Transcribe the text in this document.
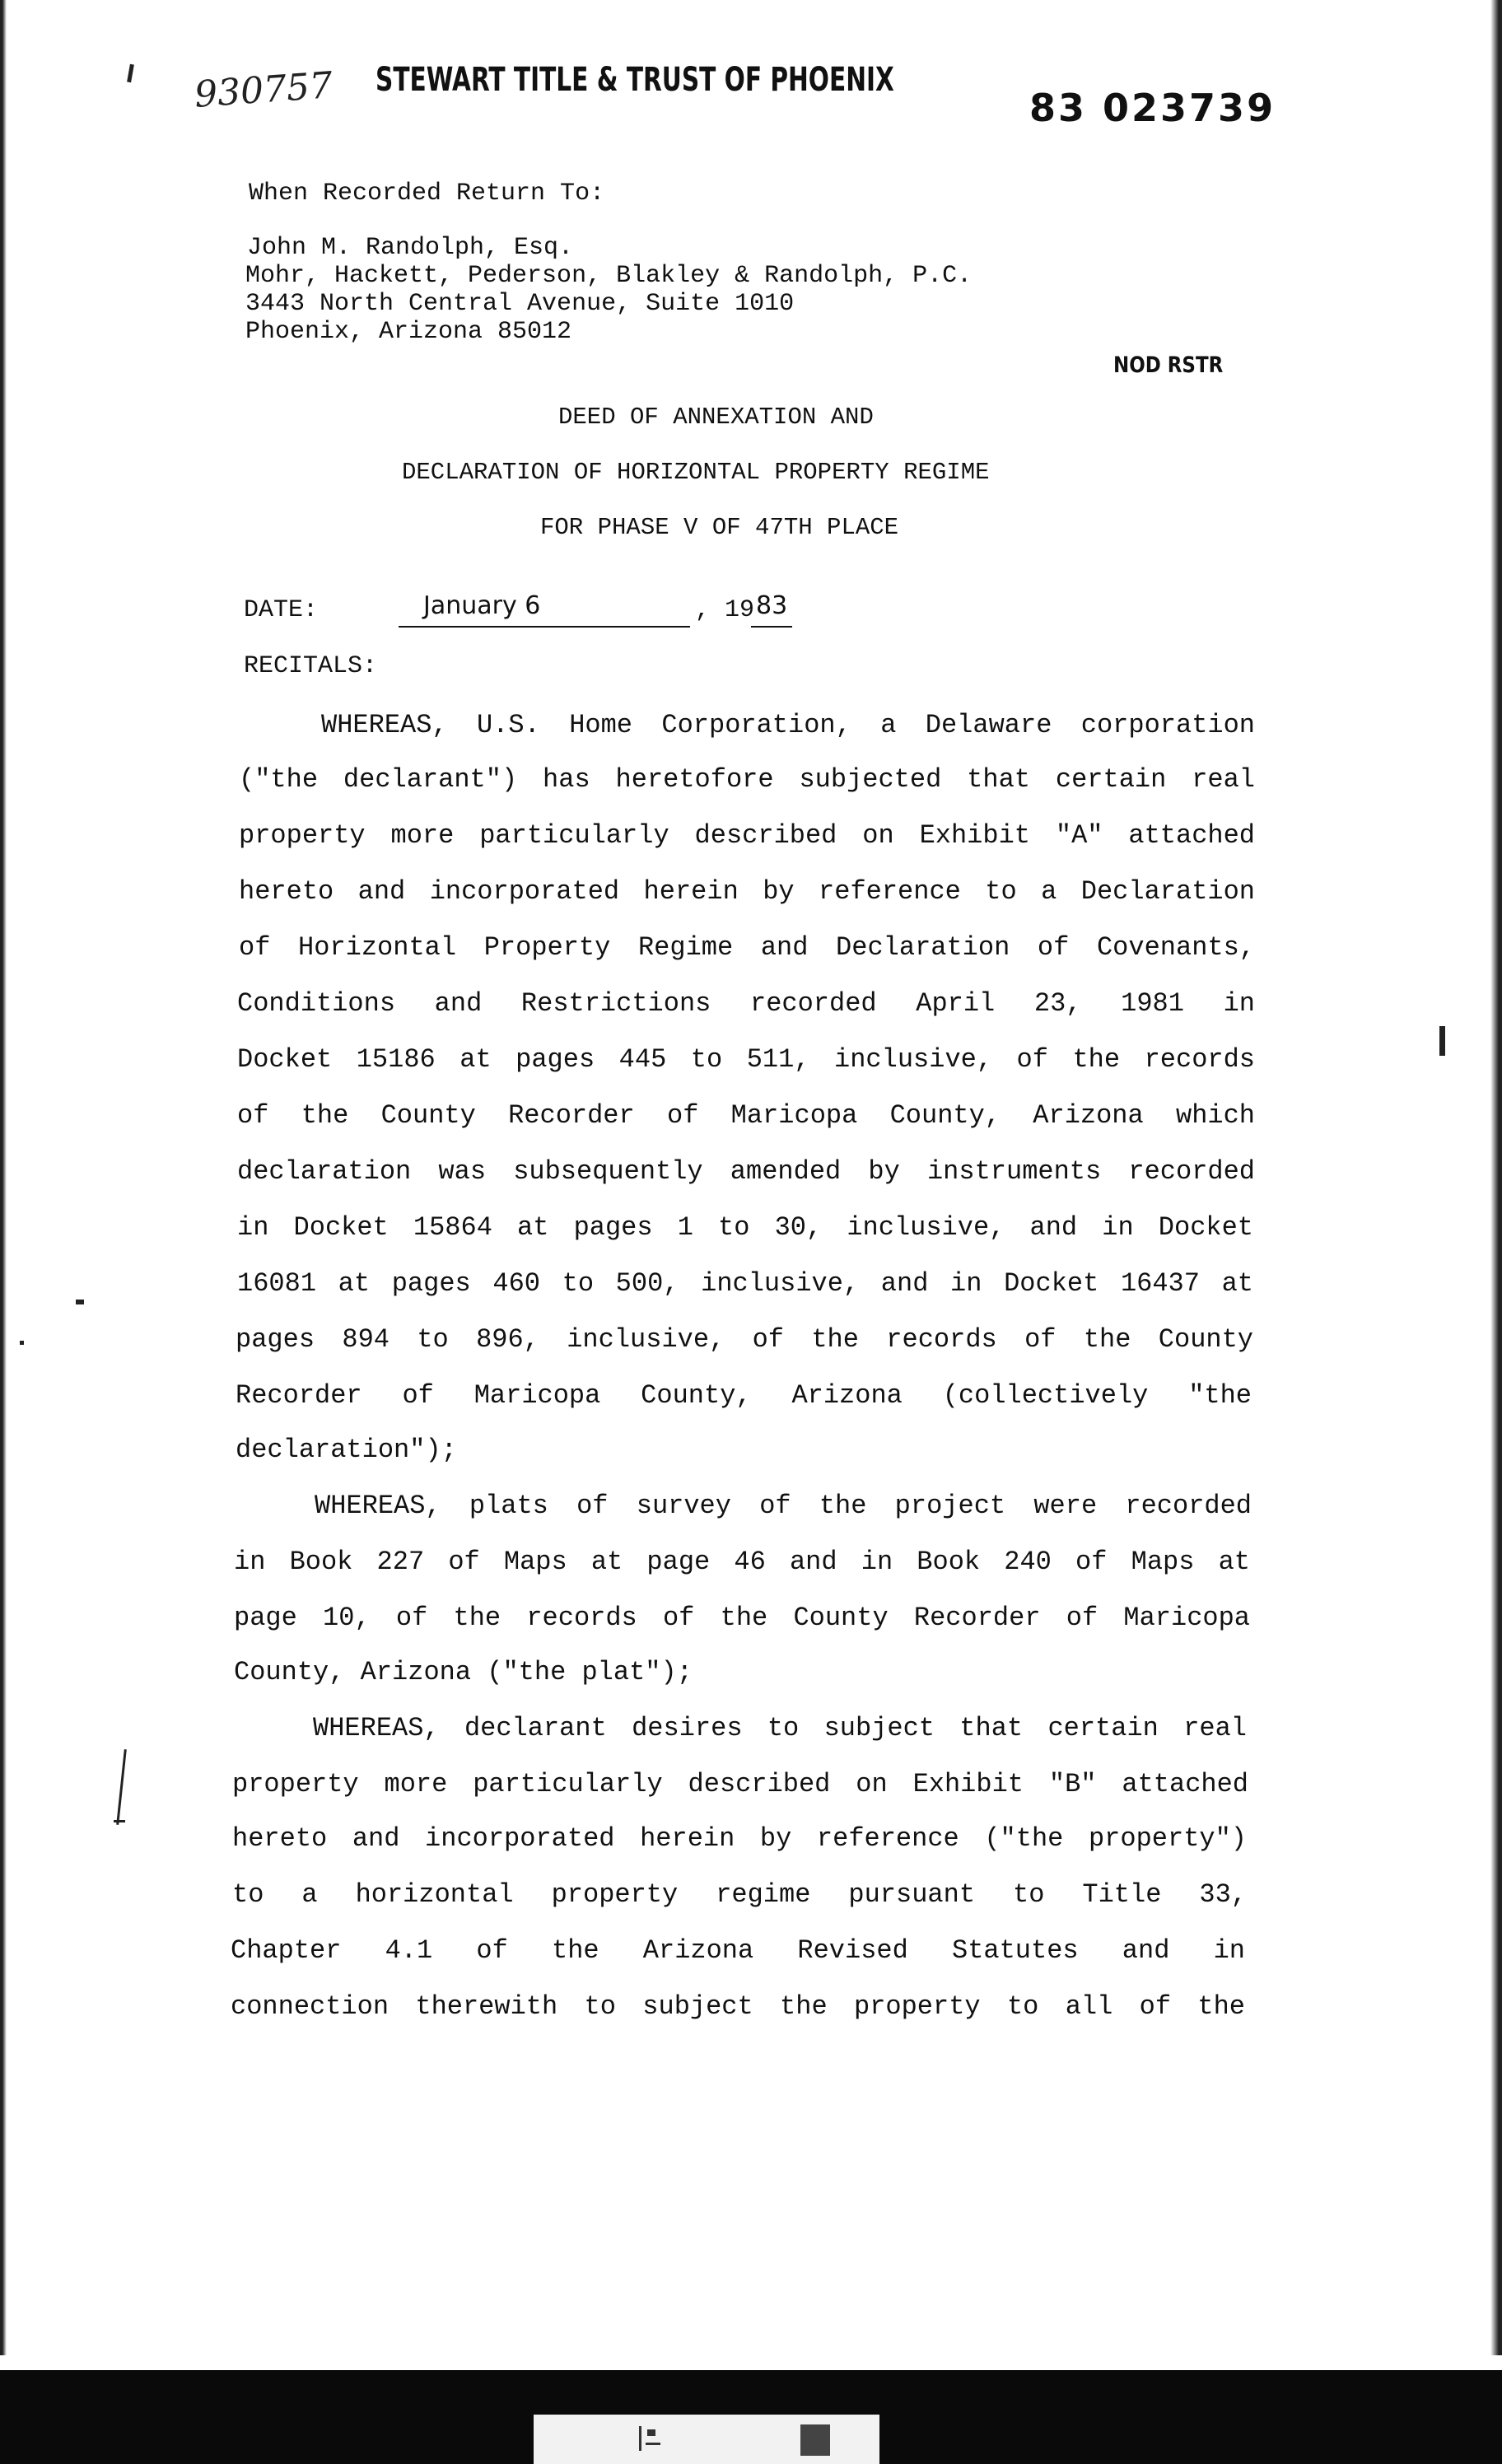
930757 STEWART TITLE & TRUST OF PHOENIX
83 023739
NOD RSTR
When Recorded Return To:
John M. Randolph, Esq.
Mohr, Hackett, Pederson, Blakley & Randolph, P.C.
3443 North Central Avenue, Suite 1010
Phoenix, Arizona 85012
DEED OF ANNEXATION AND
DECLARATION OF HORIZONTAL PROPERTY REGIME
FOR PHASE V OF 47TH PLACE
DATE:	January 6	, 19 83
RECITALS:
WHEREAS, U.S. Home Corporation, a Delaware corporation
("the declarant") has heretofore subjected that certain real
property more particularly described on Exhibit "A" attached
hereto and incorporated herein by reference to a Declaration
of Horizontal Property Regime and Declaration of Covenants,
Conditions and Restrictions recorded April 23, 1981 in
Docket 15186 at pages 445 to 511, inclusive, of the records
of the County Recorder of Maricopa County, Arizona which
declaration was subsequently amended by instruments recorded
in Docket 15864 at pages 1 to 30, inclusive, and in Docket
16081 at pages 460 to 500, inclusive, and in Docket 16437 at
pages 894 to 896, inclusive, of the records of the County
Recorder of Maricopa County, Arizona (collectively "the
declaration");
WHEREAS, plats of survey of the project were recorded
in Book 227 of Maps at page 46 and in Book 240 of Maps at
page 10, of the records of the County Recorder of Maricopa
County, Arizona ("the plat");
WHEREAS, declarant desires to subject that certain real
property more particularly described on Exhibit "B" attached
hereto and incorporated herein by reference ("the property")
to a horizontal property regime pursuant to Title 33,
Chapter 4.1 of the Arizona Revised Statutes and in
connection therewith to subject the property to all of the
